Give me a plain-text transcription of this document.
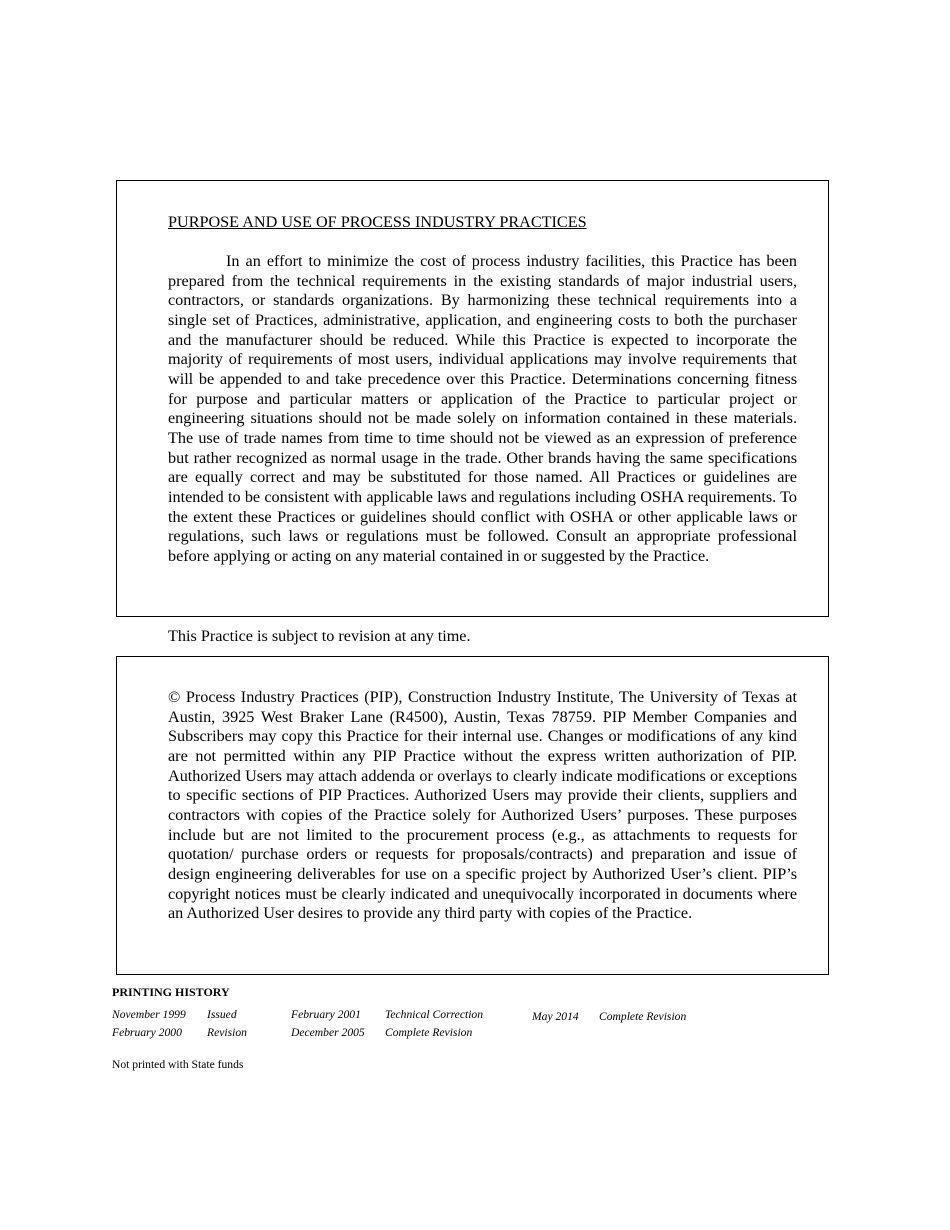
PURPOSE AND USE OF PROCESS INDUSTRY PRACTICES

In an effort to minimize the cost of process industry facilities, this Practice has been prepared from the technical requirements in the existing standards of major industrial users, contractors, or standards organizations. By harmonizing these technical requirements into a single set of Practices, administrative, application, and engineering costs to both the purchaser and the manufacturer should be reduced. While this Practice is expected to incorporate the majority of requirements of most users, individual applications may involve requirements that will be appended to and take precedence over this Practice. Determinations concerning fitness for purpose and particular matters or application of the Practice to particular project or engineering situations should not be made solely on information contained in these materials. The use of trade names from time to time should not be viewed as an expression of preference but rather recognized as normal usage in the trade. Other brands having the same specifications are equally correct and may be substituted for those named. All Practices or guidelines are intended to be consistent with applicable laws and regulations including OSHA requirements. To the extent these Practices or guidelines should conflict with OSHA or other applicable laws or regulations, such laws or regulations must be followed. Consult an appropriate professional before applying or acting on any material contained in or suggested by the Practice.

This Practice is subject to revision at any time.

© Process Industry Practices (PIP), Construction Industry Institute, The University of Texas at Austin, 3925 West Braker Lane (R4500), Austin, Texas 78759. PIP Member Companies and Subscribers may copy this Practice for their internal use. Changes or modifications of any kind are not permitted within any PIP Practice without the express written authorization of PIP. Authorized Users may attach addenda or overlays to clearly indicate modifications or exceptions to specific sections of PIP Practices. Authorized Users may provide their clients, suppliers and contractors with copies of the Practice solely for Authorized Users’ purposes. These purposes include but are not limited to the procurement process (e.g., as attachments to requests for quotation/ purchase orders or requests for proposals/contracts) and preparation and issue of design engineering deliverables for use on a specific project by Authorized User’s client. PIP’s copyright notices must be clearly indicated and unequivocally incorporated in documents where an Authorized User desires to provide any third party with copies of the Practice.

PRINTING HISTORY
November 1999 Issued
February 2000 Revision
February 2001 Technical Correction
December 2005 Complete Revision
May 2014 Complete Revision
Not printed with State funds
